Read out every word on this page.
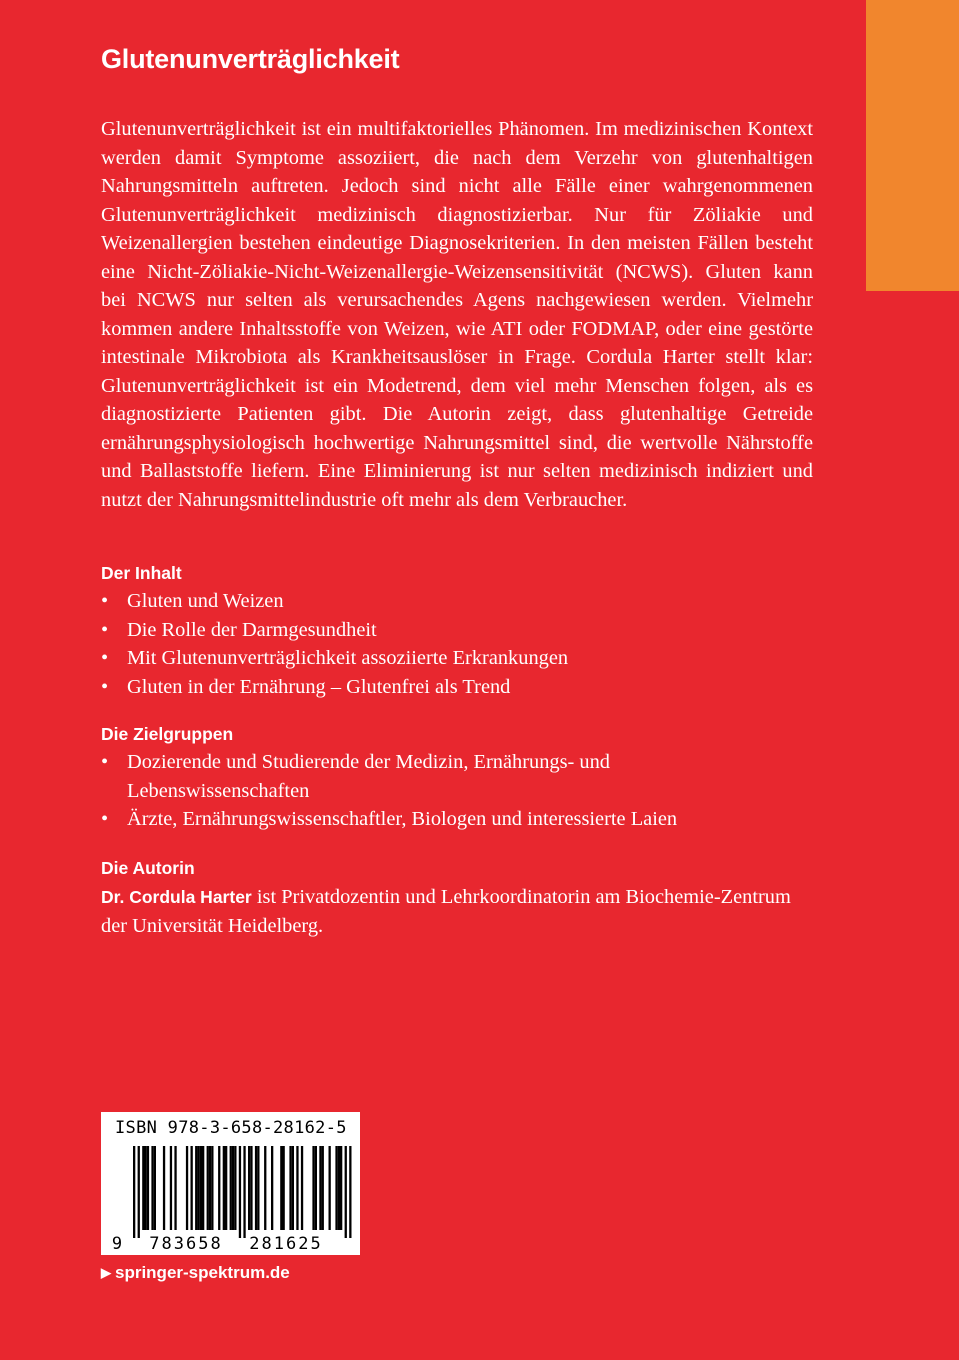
Glutenunverträglichkeit

Glutenunverträglichkeit ist ein multifaktorielles Phänomen. Im medizinischen Kontext werden damit Symptome assoziiert, die nach dem Verzehr von glutenhaltigen Nahrungsmitteln auftreten. Jedoch sind nicht alle Fälle einer wahrgenommenen Glutenunverträglichkeit medizinisch diagnostizierbar. Nur für Zöliakie und Weizenallergien bestehen eindeutige Diagnosekriterien. In den meisten Fällen besteht eine Nicht-Zöliakie-Nicht-Weizenallergie-Weizensensitivität (NCWS). Gluten kann bei NCWS nur selten als verursachendes Agens nachgewiesen werden. Vielmehr kommen andere Inhaltsstoffe von Weizen, wie ATI oder FODMAP, oder eine gestörte intestinale Mikrobiota als Krankheitsauslöser in Frage. Cordula Harter stellt klar: Glutenunverträglichkeit ist ein Modetrend, dem viel mehr Menschen folgen, als es diagnostizierte Patienten gibt. Die Autorin zeigt, dass glutenhaltige Getreide ernährungsphysiologisch hochwertige Nahrungsmittel sind, die wertvolle Nährstoffe und Ballaststoffe liefern. Eine Eliminierung ist nur selten medizinisch indiziert und nutzt der Nahrungsmittelindustrie oft mehr als dem Verbraucher.

Der Inhalt
• Gluten und Weizen
• Die Rolle der Darmgesundheit
• Mit Glutenunverträglichkeit assoziierte Erkrankungen
• Gluten in der Ernährung – Glutenfrei als Trend
Die Zielgruppen
• Dozierende und Studierende der Medizin, Ernährungs- und Lebenswissenschaften
• Ärzte, Ernährungswissenschaftler, Biologen und interessierte Laien
Die Autorin

Dr. Cordula Harter ist Privatdozentin und Lehrkoordinatorin am Biochemie-Zentrum der Universität Heidelberg.

ISBN 978-3-658-28162-5
9 783658 281625

▶ springer-spektrum.de
